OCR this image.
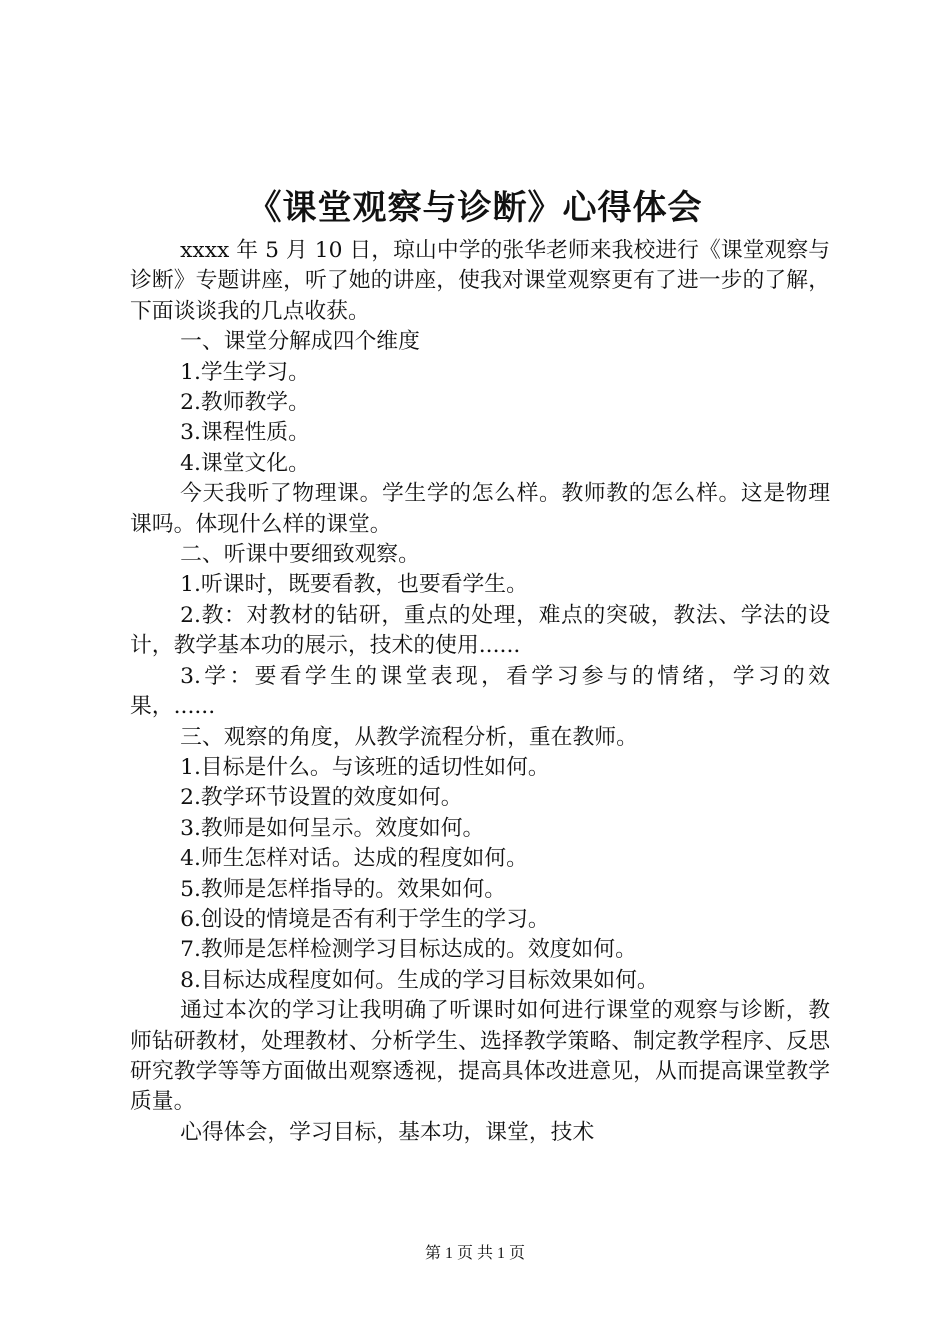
《课堂观察与诊断》心得体会

xxxx 年 5 月 10 日，琼山中学的张华老师来我校进行《课堂观察与诊断》专题讲座，听了她的讲座，使我对课堂观察更有了进一步的了解，下面谈谈我的几点收获。

一、课堂分解成四个维度

1.学生学习。

2.教师教学。

3.课程性质。

4.课堂文化。

今天我听了物理课。学生学的怎么样。教师教的怎么样。这是物理课吗。体现什么样的课堂。

二、听课中要细致观察。

1.听课时，既要看教，也要看学生。

2.教：对教材的钻研，重点的处理，难点的突破，教法、学法的设计，教学基本功的展示，技术的使用......

3.学：要看学生的课堂表现，看学习参与的情绪，学习的效果，......

三、观察的角度，从教学流程分析，重在教师。

1.目标是什么。与该班的适切性如何。

2.教学环节设置的效度如何。

3.教师是如何呈示。效度如何。

4.师生怎样对话。达成的程度如何。

5.教师是怎样指导的。效果如何。

6.创设的情境是否有利于学生的学习。

7.教师是怎样检测学习目标达成的。效度如何。

8.目标达成程度如何。生成的学习目标效果如何。

通过本次的学习让我明确了听课时如何进行课堂的观察与诊断，教师钻研教材，处理教材、分析学生、选择教学策略、制定教学程序、反思研究教学等等方面做出观察透视，提高具体改进意见，从而提高课堂教学质量。

心得体会，学习目标，基本功，课堂，技术

第 1 页 共 1 页
